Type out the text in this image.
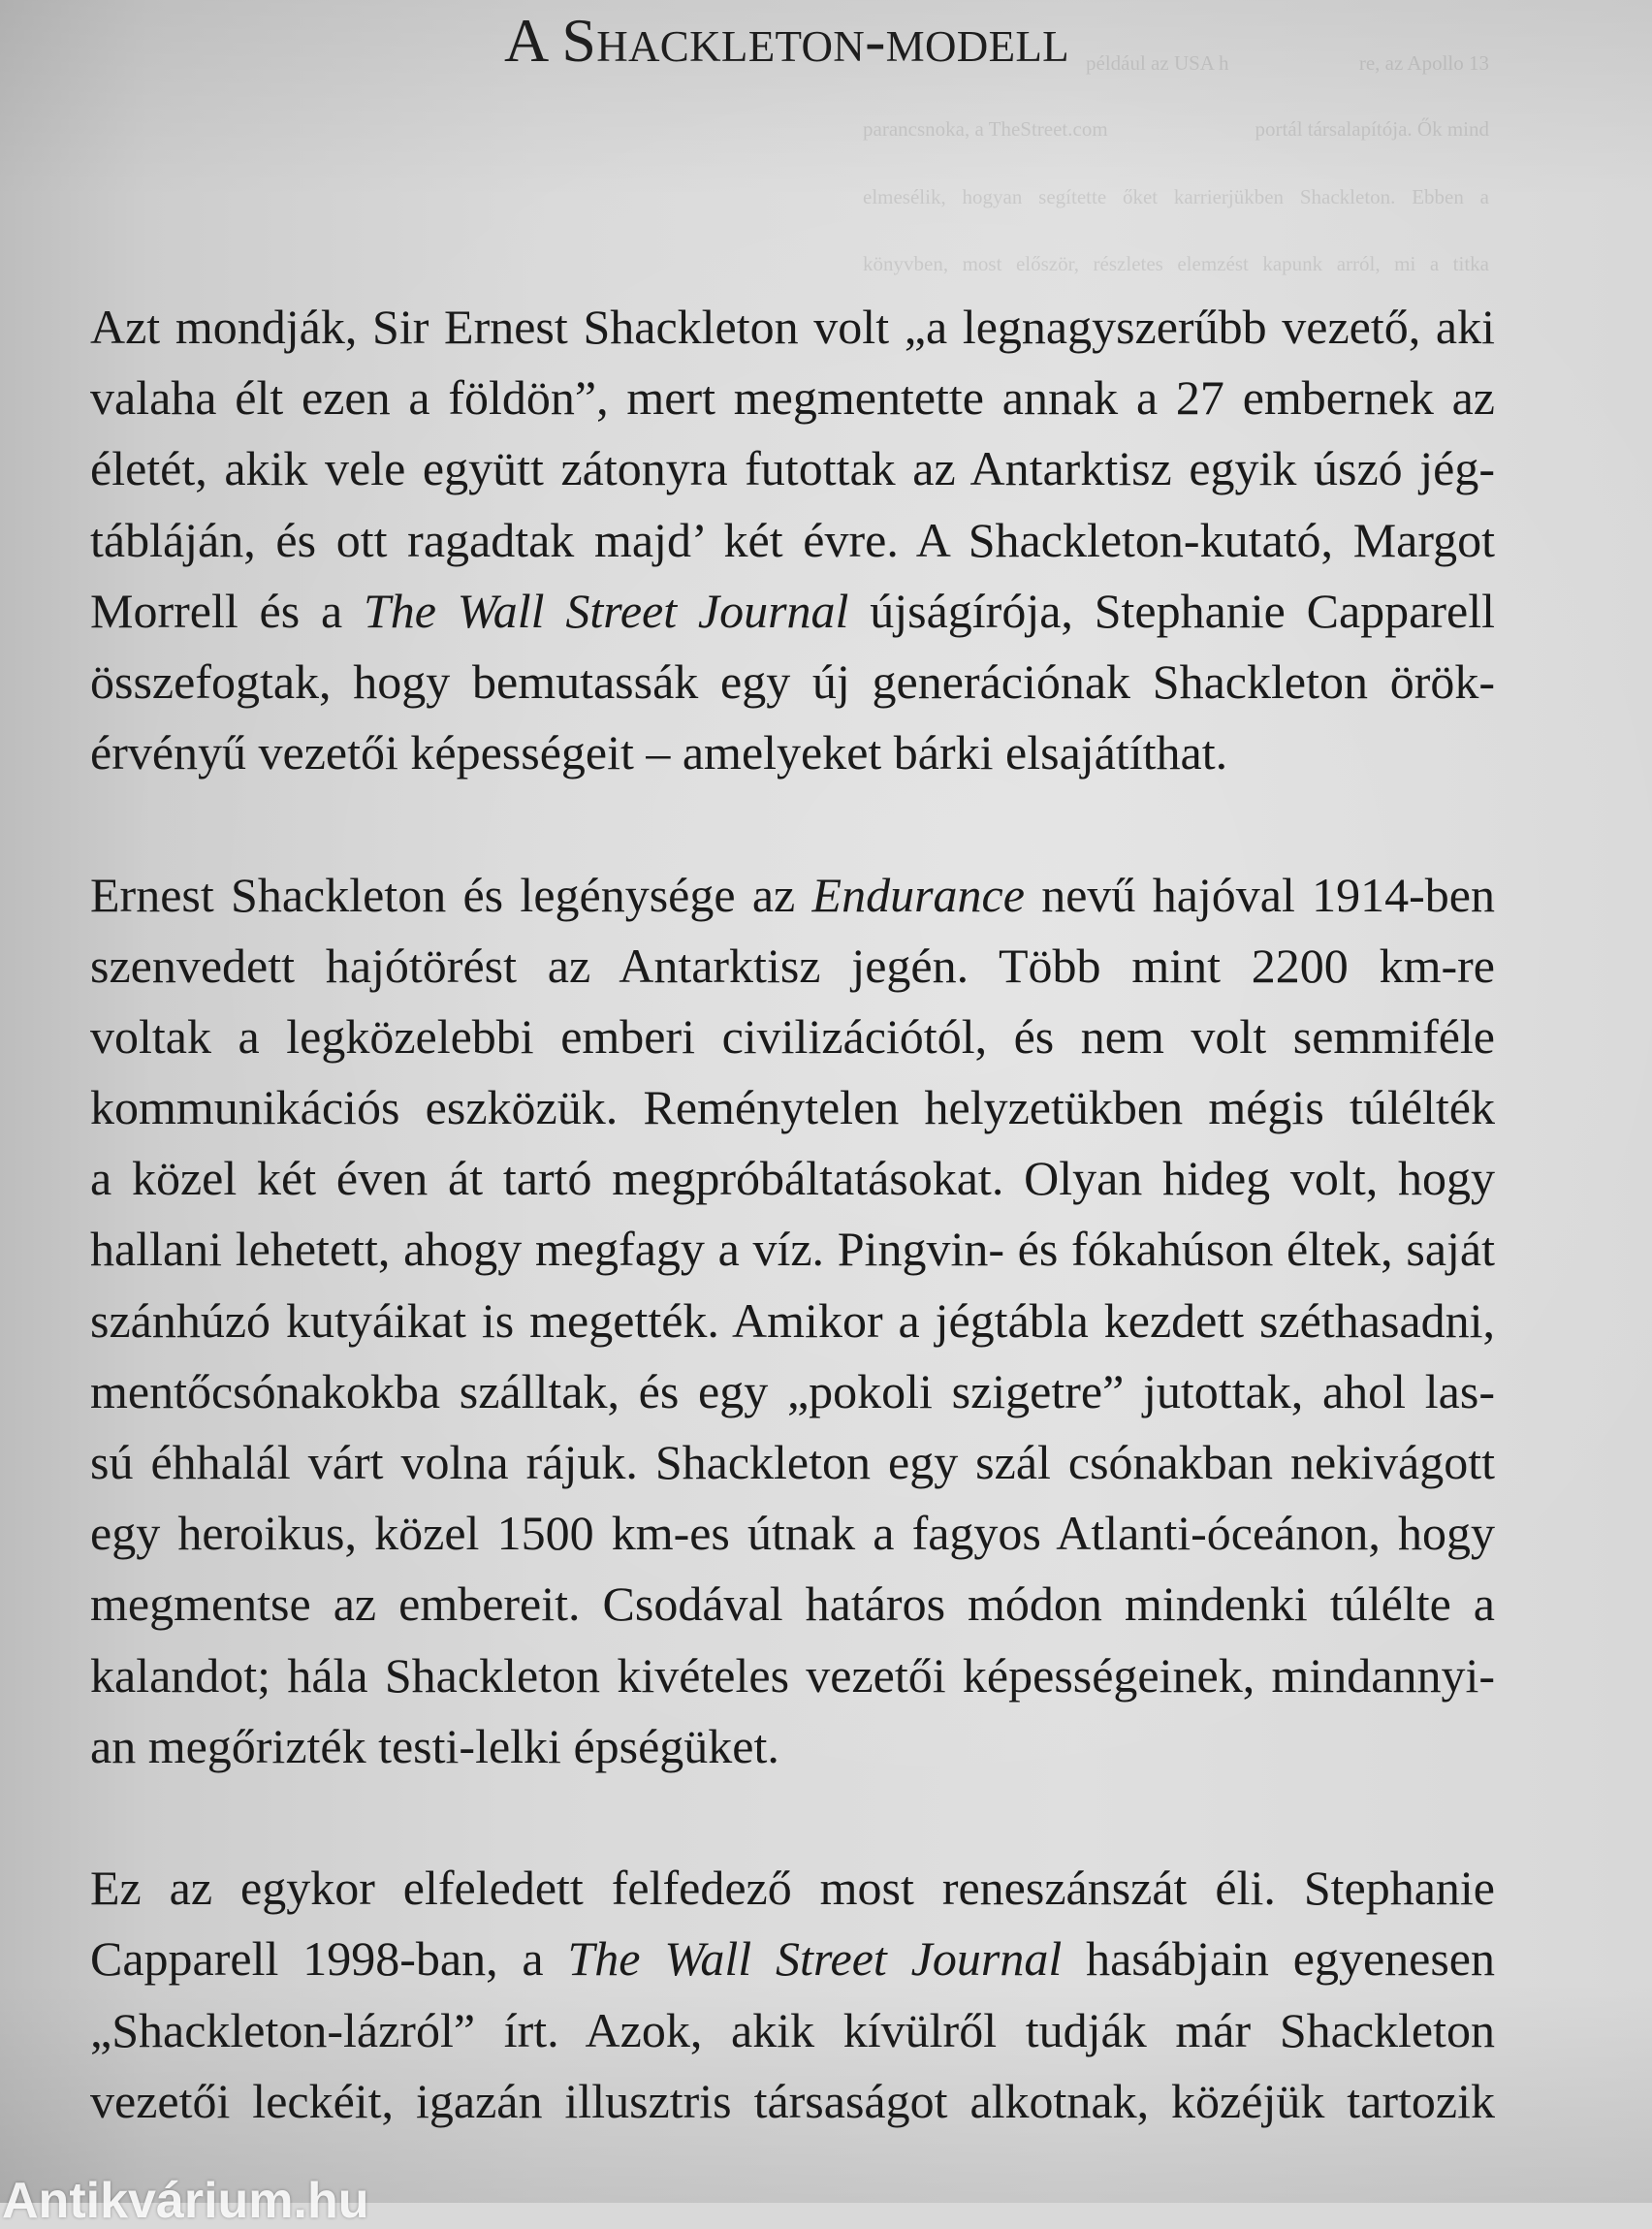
például az USA h	re, az Apollo 13
parancsnoka, a TheStreet.com	portál társalapítója. Ők mind
elmesélik, hogyan segítette őket karrierjükben Shackleton. Ebben a
könyvben, most először, részletes elemzést kapunk arról, mi a titka
A Shackleton-modell
Azt mondják, Sir Ernest Shackleton volt „a legnagyszerűbb vezető, aki
valaha élt ezen a földön”, mert megmentette annak a 27 embernek az
életét, akik vele együtt zátonyra futottak az Antarktisz egyik úszó jég-
tábláján, és ott ragadtak majd’ két évre. A Shackleton-kutató, Margot
Morrell és a The Wall Street Journal újságírója, Stephanie Capparell
összefogtak, hogy bemutassák egy új generációnak Shackleton örök-
érvényű vezetői képességeit – amelyeket bárki elsajátíthat.
Ernest Shackleton és legénysége az Endurance nevű hajóval 1914-ben
szenvedett hajótörést az Antarktisz jegén. Több mint 2200 km-re
voltak a legközelebbi emberi civilizációtól, és nem volt semmiféle
kommunikációs eszközük. Reménytelen helyzetükben mégis túlélték
a közel két éven át tartó megpróbáltatásokat. Olyan hideg volt, hogy
hallani lehetett, ahogy megfagy a víz. Pingvin- és fókahúson éltek, saját
szánhúzó kutyáikat is megették. Amikor a jégtábla kezdett széthasadni,
mentőcsónakokba szálltak, és egy „pokoli szigetre” jutottak, ahol las-
sú éhhalál várt volna rájuk. Shackleton egy szál csónakban nekivágott
egy heroikus, közel 1500 km-es útnak a fagyos Atlanti-óceánon, hogy
megmentse az embereit. Csodával határos módon mindenki túlélte a
kalandot; hála Shackleton kivételes vezetői képességeinek, mindannyi-
an megőrizték testi-lelki épségüket.
Ez az egykor elfeledett felfedező most reneszánszát éli. Stephanie
Capparell 1998-ban, a The Wall Street Journal hasábjain egyenesen
„Shackleton-lázról” írt. Azok, akik kívülről tudják már Shackleton
vezetői leckéit, igazán illusztris társaságot alkotnak, közéjük tartozik
Antikvárium.hu
